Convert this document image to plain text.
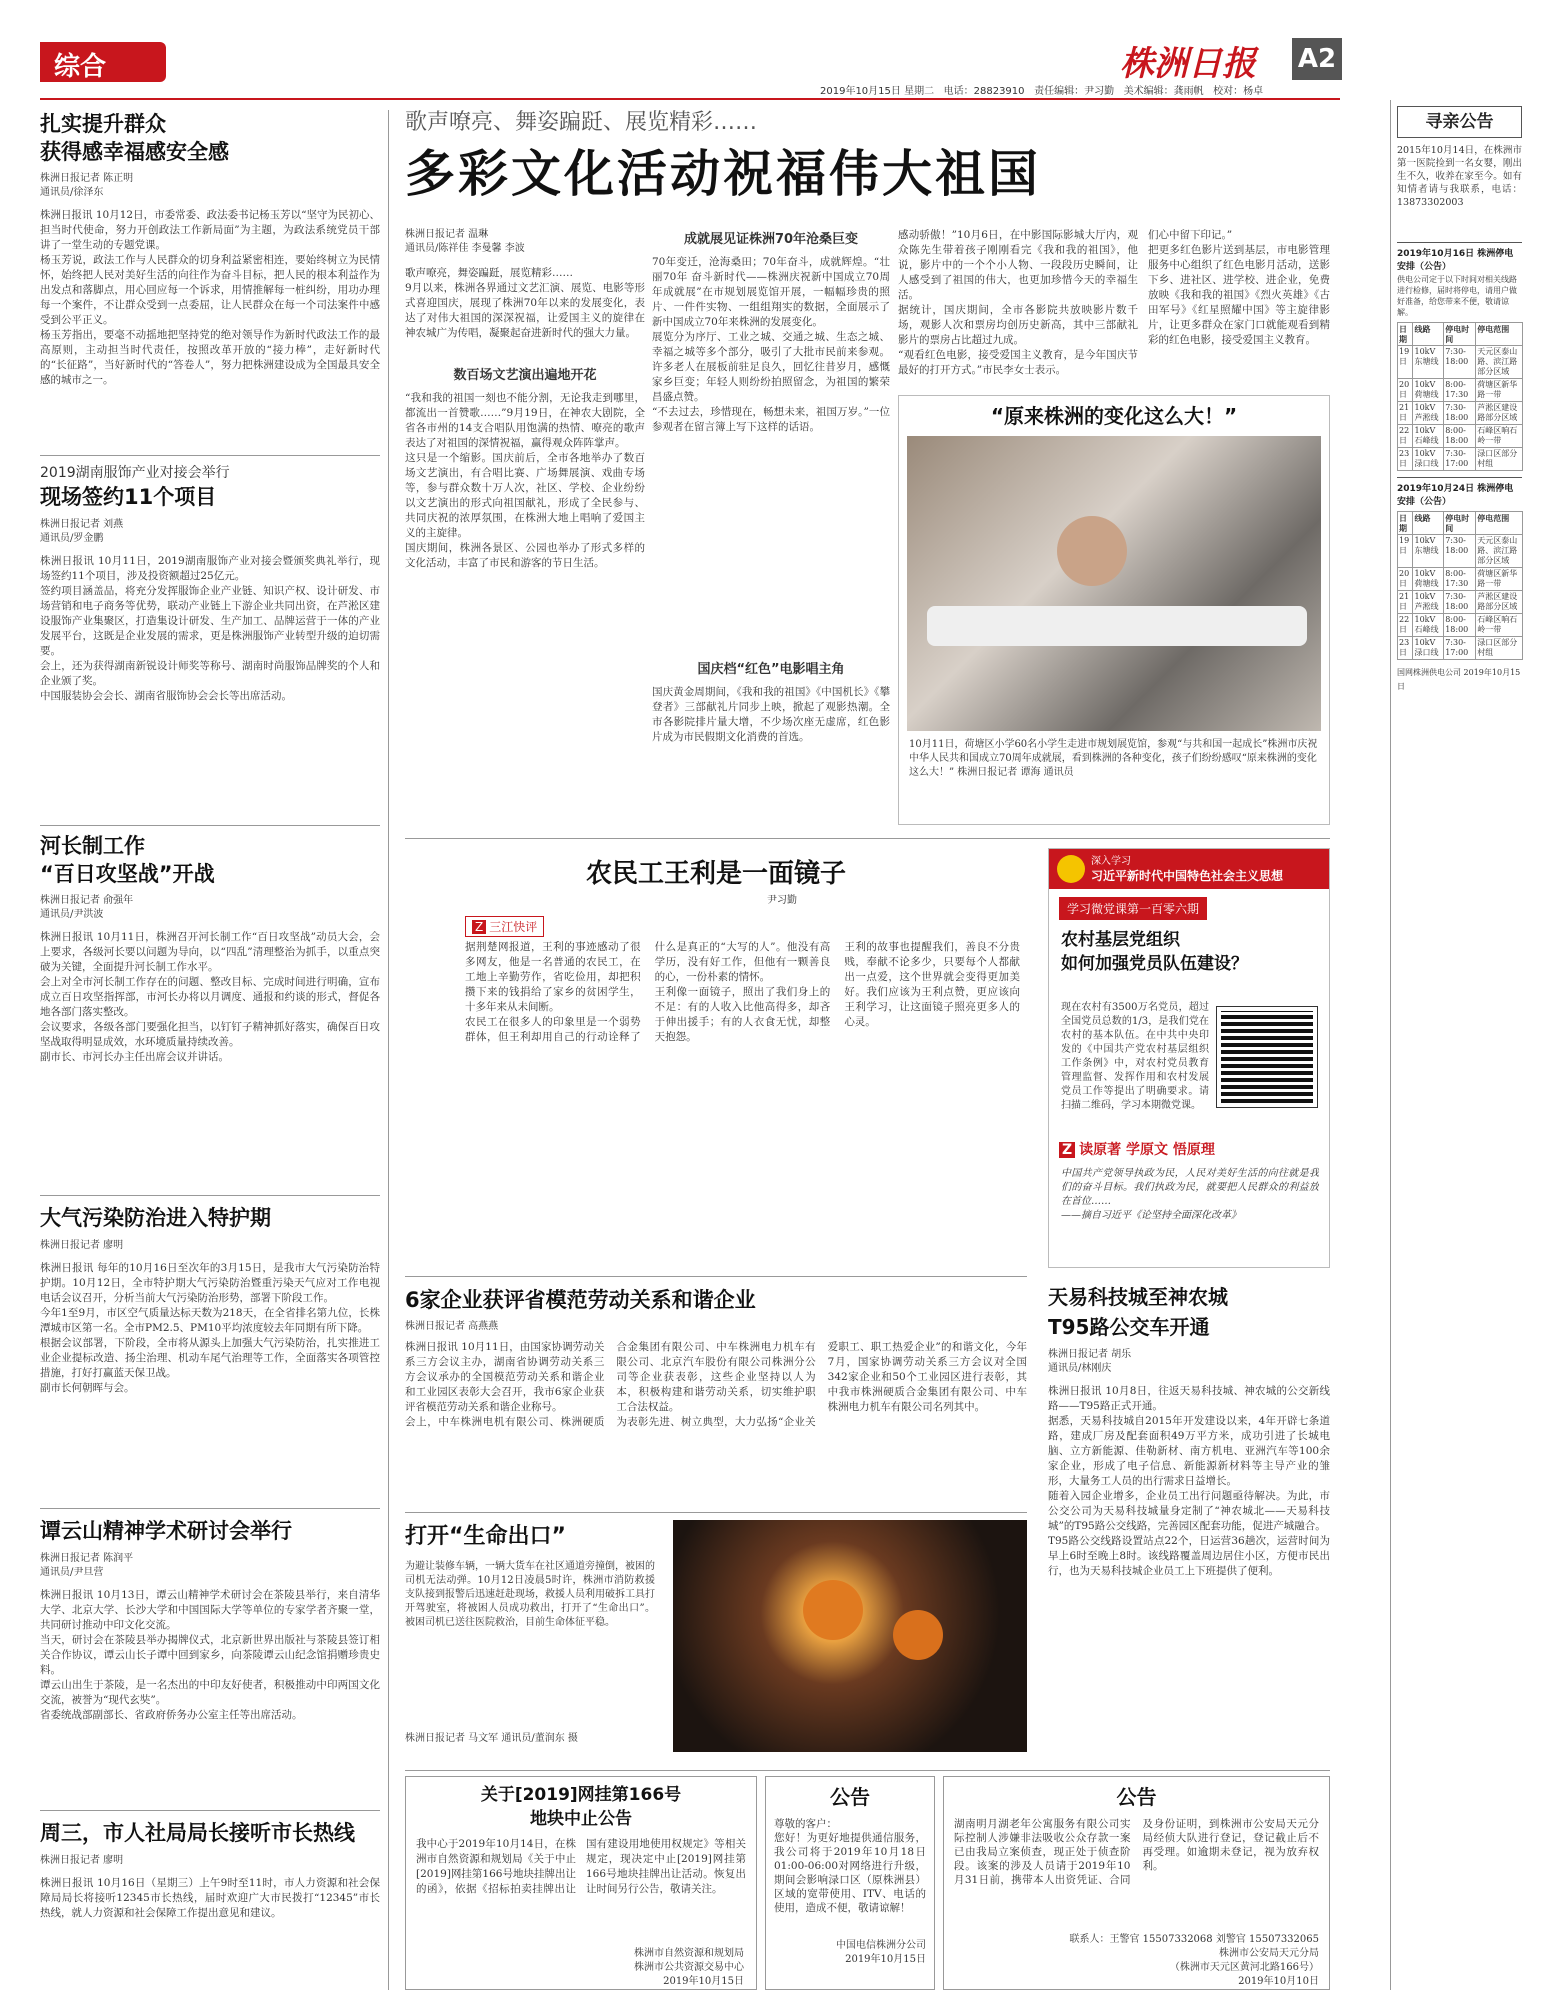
综合	株洲日报 A2
2019年10月15日 星期二 电话：28823910 责任编辑：尹习勤 美术编辑：龚雨帆 校对：杨卓
扎实提升群众
获得感幸福感安全感
株洲日报记者 陈正明
通讯员/徐泽东
株洲日报讯 10月12日，市委常委、政法委书记杨玉芳以“坚守为民初心、担当时代使命，努力开创政法工作新局面”为主题，为政法系统党员干部讲了一堂生动的专题党课。
杨玉芳说，政法工作与人民群众的切身利益紧密相连，要始终树立为民情怀，始终把人民对美好生活的向往作为奋斗目标，把人民的根本利益作为出发点和落脚点，用心回应每一个诉求，用情推解每一桩纠纷，用功办理每一个案件，不让群众受到一点委屈，让人民群众在每一个司法案件中感受到公平正义。
杨玉芳指出，要毫不动摇地把坚持党的绝对领导作为新时代政法工作的最高原则，主动担当时代责任，按照改革开放的“接力棒”，走好新时代的“长征路”，当好新时代的“答卷人”，努力把株洲建设成为全国最具安全感的城市之一。
2019湖南服饰产业对接会举行
现场签约11个项目
株洲日报记者 刘燕
通讯员/罗金鹏
株洲日报讯 10月11日，2019湖南服饰产业对接会暨颁奖典礼举行，现场签约11个项目，涉及投资额超过25亿元。
签约项目涵盖品，将充分发挥服饰企业产业链、知识产权、设计研发、市场营销和电子商务等优势，联动产业链上下游企业共同出资，在芦淞区建设服饰产业集聚区，打造集设计研发、生产加工、品牌运营于一体的产业发展平台，这既是企业发展的需求，更是株洲服饰产业转型升级的迫切需要。
会上，还为获得湖南新锐设计师奖等称号、湖南时尚服饰品牌奖的个人和企业颁了奖。
中国服装协会会长、湖南省服饰协会会长等出席活动。
河长制工作
“百日攻坚战”开战
株洲日报记者 俞强年
通讯员/尹洪波
株洲日报讯 10月11日，株洲召开河长制工作“百日攻坚战”动员大会，会上要求，各级河长要以问题为导向，以“四乱”清理整治为抓手，以重点突破为关键，全面提升河长制工作水平。
会上对全市河长制工作存在的问题、整改目标、完成时间进行明确，宣布成立百日攻坚指挥部，市河长办将以月调度、通报和约谈的形式，督促各地各部门落实整改。
会议要求，各级各部门要强化担当，以钉钉子精神抓好落实，确保百日攻坚战取得明显成效，水环境质量持续改善。
副市长、市河长办主任出席会议并讲话。
大气污染防治进入特护期
株洲日报记者 廖明
株洲日报讯 每年的10月16日至次年的3月15日，是我市大气污染防治特护期。10月12日，全市特护期大气污染防治暨重污染天气应对工作电视电话会议召开，分析当前大气污染防治形势，部署下阶段工作。
今年1至9月，市区空气质量达标天数为218天，在全省排名第九位，长株潭城市区第一名。全市PM2.5、PM10平均浓度较去年同期有所下降。
根据会议部署，下阶段，全市将从源头上加强大气污染防治，扎实推进工业企业提标改造、扬尘治理、机动车尾气治理等工作，全面落实各项管控措施，打好打赢蓝天保卫战。
副市长何朝晖与会。
谭云山精神学术研讨会举行
株洲日报记者 陈润平
通讯员/尹旦营
株洲日报讯 10月13日，谭云山精神学术研讨会在茶陵县举行，来自清华大学、北京大学、长沙大学和中国国际大学等单位的专家学者齐聚一堂，共同研讨推动中印文化交流。
当天，研讨会在茶陵县举办揭牌仪式，北京新世界出版社与茶陵县签订相关合作协议，谭云山长子谭中回到家乡，向茶陵谭云山纪念馆捐赠珍贵史料。
谭云山出生于茶陵，是一名杰出的中印友好使者，积极推动中印两国文化交流，被誉为“现代玄奘”。
省委统战部副部长、省政府侨务办公室主任等出席活动。
周三，市人社局局长接听市长热线
株洲日报记者 廖明
株洲日报讯 10月16日（星期三）上午9时至11时，市人力资源和社会保障局局长将接听12345市长热线，届时欢迎广大市民拨打“12345”市长热线，就人力资源和社会保障工作提出意见和建议。
歌声嘹亮、舞姿蹁跹、展览精彩……
多彩文化活动祝福伟大祖国
株洲日报记者 温琳
通讯员/陈祥佳 李曼馨 李波
歌声嘹亮，舞姿蹁跹，展览精彩……
9月以来，株洲各界通过文艺汇演、展览、电影等形式喜迎国庆，展现了株洲70年以来的发展变化，表达了对伟大祖国的深深祝福，让爱国主义的旋律在神农城广为传唱，凝聚起奋进新时代的强大力量。
数百场文艺演出遍地开花
“我和我的祖国一刻也不能分割，无论我走到哪里，都流出一首赞歌……”9月19日，在神农大剧院，全省各市州的14支合唱队用饱满的热情、嘹亮的歌声表达了对祖国的深情祝福，赢得观众阵阵掌声。
这只是一个缩影。国庆前后，全市各地举办了数百场文艺演出，有合唱比赛、广场舞展演、戏曲专场等，参与群众数十万人次，社区、学校、企业纷纷以文艺演出的形式向祖国献礼，形成了全民参与、共同庆祝的浓厚氛围，在株洲大地上唱响了爱国主义的主旋律。
国庆期间，株洲各景区、公园也举办了形式多样的文化活动，丰富了市民和游客的节日生活。
成就展见证株洲70年沧桑巨变
70年变迁，沧海桑田；70年奋斗，成就辉煌。“壮丽70年 奋斗新时代——株洲庆祝新中国成立70周年成就展”在市规划展览馆开展，一幅幅珍贵的照片、一件件实物、一组组翔实的数据，全面展示了新中国成立70年来株洲的发展变化。
展览分为序厅、工业之城、交通之城、生态之城、幸福之城等多个部分，吸引了大批市民前来参观。许多老人在展板前驻足良久，回忆往昔岁月，感慨家乡巨变；年轻人则纷纷拍照留念，为祖国的繁荣昌盛点赞。
“不去过去，珍惜现在，畅想未来，祖国万岁。”一位参观者在留言簿上写下这样的话语。
国庆档“红色”电影唱主角
国庆黄金周期间，《我和我的祖国》《中国机长》《攀登者》三部献礼片同步上映，掀起了观影热潮。全市各影院排片量大增，不少场次座无虚席，红色影片成为市民假期文化消费的首选。
感动骄傲！”10月6日，在中影国际影城大厅内，观众陈先生带着孩子刚刚看完《我和我的祖国》，他说，影片中的一个个小人物、一段段历史瞬间，让人感受到了祖国的伟大，也更加珍惜今天的幸福生活。
据统计，国庆期间，全市各影院共放映影片数千场，观影人次和票房均创历史新高，其中三部献礼影片的票房占比超过九成。
“观看红色电影，接受爱国主义教育，是今年国庆节最好的打开方式。”市民李女士表示。
们心中留下印记。”
把更多红色影片送到基层，市电影管理服务中心组织了红色电影月活动，送影下乡、进社区、进学校、进企业，免费放映《我和我的祖国》《烈火英雄》《古田军号》《红星照耀中国》等主旋律影片，让更多群众在家门口就能观看到精彩的红色电影，接受爱国主义教育。
“原来株洲的变化这么大！”
10月11日，荷塘区小学60名小学生走进市规划展览馆，参观“与共和国一起成长”株洲市庆祝中华人民共和国成立70周年成就展，看到株洲的各种变化，孩子们纷纷感叹“原来株洲的变化这么大！” 株洲日报记者 谭海 通讯员
农民工王利是一面镜子
尹习勤
Z 三江快评
据荆楚网报道，王利的事迹感动了很多网友，他是一名普通的农民工，在工地上辛勤劳作，省吃俭用，却把积攒下来的钱捐给了家乡的贫困学生，十多年来从未间断。
农民工在很多人的印象里是一个弱势群体，但王利却用自己的行动诠释了什么是真正的“大写的人”。他没有高学历，没有好工作，但他有一颗善良的心，一份朴素的情怀。
王利像一面镜子，照出了我们身上的不足：有的人收入比他高得多，却吝于伸出援手；有的人衣食无忧，却整天抱怨。
王利的故事也提醒我们，善良不分贵贱，奉献不论多少，只要每个人都献出一点爱，这个世界就会变得更加美好。我们应该为王利点赞，更应该向王利学习，让这面镜子照亮更多人的心灵。
深入学习
习近平新时代中国特色社会主义思想
学习微党课第一百零六期
农村基层党组织
如何加强党员队伍建设？
现在农村有3500万名党员，超过全国党员总数的1/3，是我们党在农村的基本队伍。在中共中央印发的《中国共产党农村基层组织工作条例》中，对农村党员教育管理监督、发挥作用和农村发展党员工作等提出了明确要求。请扫描二维码，学习本期微党课。
Z 读原著 学原文 悟原理
中国共产党领导执政为民，人民对美好生活的向往就是我们的奋斗目标。我们执政为民，就要把人民群众的利益放在首位……
——摘自习近平《论坚持全面深化改革》
6家企业获评省模范劳动关系和谐企业
株洲日报记者 高燕燕
株洲日报讯 10月11日，由国家协调劳动关系三方会议主办，湖南省协调劳动关系三方会议承办的全国模范劳动关系和谐企业和工业园区表彰大会召开，我市6家企业获评省模范劳动关系和谐企业称号。
会上，中车株洲电机有限公司、株洲硬质合金集团有限公司、中车株洲电力机车有限公司、北京汽车股份有限公司株洲分公司等企业获表彰，这些企业坚持以人为本，积极构建和谐劳动关系，切实维护职工合法权益。
为表彰先进、树立典型，大力弘扬“企业关爱职工、职工热爱企业”的和谐文化，今年7月，国家协调劳动关系三方会议对全国342家企业和50个工业园区进行表彰，其中我市株洲硬质合金集团有限公司、中车株洲电力机车有限公司名列其中。
打开“生命出口”
为避让装修车辆，一辆大货车在社区通道旁撞倒，被困的司机无法动弹。10月12日凌晨5时许，株洲市消防救援支队接到报警后迅速赶赴现场，救援人员利用破拆工具打开驾驶室，将被困人员成功救出，打开了“生命出口”。被困司机已送往医院救治，目前生命体征平稳。
株洲日报记者 马文军 通讯员/董润东 摄
天易科技城至神农城
T95路公交车开通
株洲日报记者 胡乐
通讯员/林刚庆
株洲日报讯 10月8日，往返天易科技城、神农城的公交新线路——T95路正式开通。
据悉，天易科技城自2015年开发建设以来，4年开辟七条道路，建成厂房及配套面积49万平方米，成功引进了长城电脑、立方新能源、佳勒新材、南方机电、亚洲汽车等100余家企业，形成了电子信息、新能源新材料等主导产业的雏形，大量务工人员的出行需求日益增长。
随着入园企业增多，企业员工出行问题亟待解决。为此，市公交公司为天易科技城量身定制了“神农城北——天易科技城”的T95路公交线路，完善园区配套功能，促进产城融合。
T95路公交线路设置站点22个，日运营36趟次，运营时间为早上6时至晚上8时。该线路覆盖周边居住小区，方便市民出行，也为天易科技城企业员工上下班提供了便利。
关于[2019]网挂第166号
地块中止公告
我中心于2019年10月14日，在株洲市自然资源和规划局《关于中止[2019]网挂第166号地块挂牌出让的函》，依据《招标拍卖挂牌出让国有建设用地使用权规定》等相关规定，现决定中止[2019]网挂第166号地块挂牌出让活动。恢复出让时间另行公告，敬请关注。
株洲市自然资源和规划局
株洲市公共资源交易中心
2019年10月15日
公告
尊敬的客户：
您好！为更好地提供通信服务，我公司将于2019年10月18日01:00-06:00对网络进行升级，期间会影响渌口区（原株洲县）区域的宽带使用、ITV、电话的使用，造成不便，敬请谅解！
中国电信株洲分公司
2019年10月15日
公告
湖南明月湖老年公寓服务有限公司实际控制人涉嫌非法吸收公众存款一案已由我局立案侦查，现正处于侦查阶段。该案的涉及人员请于2019年10月31日前，携带本人出资凭证、合同及身份证明，到株洲市公安局天元分局经侦大队进行登记，登记截止后不再受理。如逾期未登记，视为放弃权利。
联系人：王警官 15507332068 刘警官 15507332065
株洲市公安局天元分局
（株洲市天元区黄河北路166号）
2019年10月10日
寻亲公告
2015年10月14日，在株洲市第一医院捡到一名女婴，刚出生不久，收养在家至今。如有知情者请与我联系，电话：13873302003
2019年10月16日 株洲停电安排（公告）
供电公司定于以下时间对相关线路进行检修，届时将停电，请用户做好准备，给您带来不便，敬请谅解。
日期	线路	停电时间	停电范围
19日	10kV东塘线	7:30-18:00	天元区泰山路、滨江路部分区域
20日	10kV荷塘线	8:00-17:30	荷塘区新华路一带
21日	10kV芦淞线	7:30-18:00	芦淞区建设路部分区域
22日	10kV石峰线	8:00-18:00	石峰区响石岭一带
23日	10kV渌口线	7:30-17:00	渌口区部分村组
2019年10月24日 株洲停电安排（公告）
日期	线路	停电时间	停电范围
19日	10kV东塘线	7:30-18:00	天元区泰山路、滨江路部分区域
20日	10kV荷塘线	8:00-17:30	荷塘区新华路一带
21日	10kV芦淞线	7:30-18:00	芦淞区建设路部分区域
22日	10kV石峰线	8:00-18:00	石峰区响石岭一带
23日	10kV渌口线	7:30-17:00	渌口区部分村组
国网株洲供电公司 2019年10月15日
